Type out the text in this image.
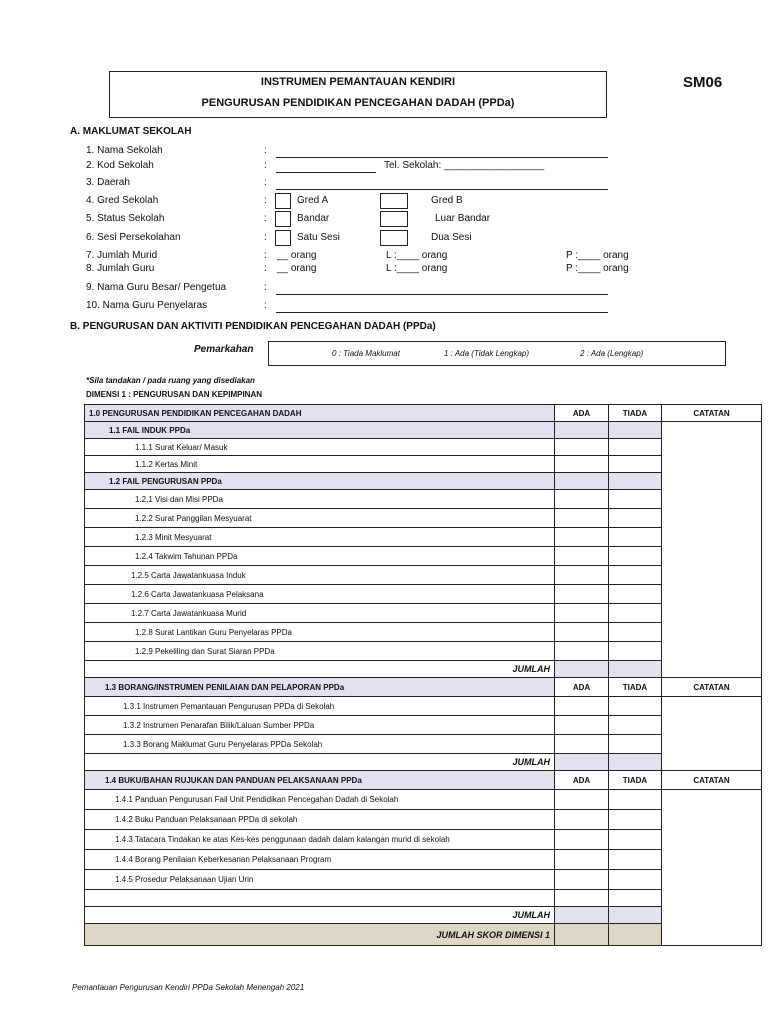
INSTRUMEN PEMANTAUAN KENDIRI
PENGURUSAN PENDIDIKAN PENCEGAHAN DADAH (PPDa)
SM06
A. MAKLUMAT SEKOLAH
1. Nama Sekolah	:
2. Kod Sekolah	:	Tel. Sekolah: __________________
3. Daerah	:
4. Gred Sekolah	:	Gred A	Gred B
5. Status Sekolah	:	Bandar	Luar Bandar
6. Sesi Persekolahan	:	Satu Sesi	Dua Sesi
7. Jumlah Murid	: __ orang	L :____ orang	P :____ orang
8. Jumlah Guru	: __ orang	L :____ orang	P :____ orang
9. Nama Guru Besar/ Pengetua	:
10. Nama Guru Penyelaras	:
B. PENGURUSAN DAN AKTIVITI PENDIDIKAN PENCEGAHAN DADAH (PPDa)
Pemarkahan	0 : Tiada Maklumat	1 : Ada (Tidak Lengkap)	2 : Ada (Lengkap)
*Sila tandakan / pada ruang yang disediakan
DIMENSI 1 : PENGURUSAN DAN KEPIMPINAN
1.0 PENGURUSAN PENDIDIKAN PENCEGAHAN DADAH	ADA	TIADA	CATATAN
1.1 FAIL INDUK PPDa			
1.1.1 Surat Keluar/ Masuk			
1.1.2 Kertas Minit			
1.2 FAIL PENGURUSAN PPDa			
1.2.1 Visi dan Misi PPDa			
1.2.2 Surat Panggilan Mesyuarat			
1.2.3 Minit Mesyuarat			
1.2.4 Takwim Tahunan PPDa			
1.2.5 Carta Jawatankuasa Induk			
1.2.6 Carta Jawatankuasa Pelaksana			
1.2.7 Carta Jawatankuasa Murid			
1.2.8 Surat Lantikan Guru Penyelaras PPDa			
1.2.9 Pekeliling dan Surat Siaran PPDa			
JUMLAH			
1.3 BORANG/INSTRUMEN PENILAIAN DAN PELAPORAN PPDa	ADA	TIADA	CATATAN
1.3.1 Instrumen Pemantauan Pengurusan PPDa di Sekolah			
1.3.2 Instrumen Penarafan Bilik/Laluan Sumber PPDa			
1.3.3 Borang Maklumat Guru Penyelaras PPDa Sekolah			
JUMLAH			
1.4 BUKU/BAHAN RUJUKAN DAN PANDUAN PELAKSANAAN PPDa	ADA	TIADA	CATATAN
1.4.1 Panduan Pengurusan Fail Unit Pendidikan Pencegahan Dadah di Sekolah			
1.4.2 Buku Panduan Pelaksanaan PPDa di sekolah			
1.4.3 Tatacara Tindakan ke atas Kes-kes penggunaan dadah dalam kalangan murid di sekolah			
1.4.4 Borang Penilaian Keberkesanan Pelaksanaan Program			
1.4.5 Prosedur Pelaksanaan Ujian Urin			

JUMLAH			
JUMLAH SKOR DIMENSI 1			
Pemantauan Pengurusan Kendiri PPDa Sekolah Menengah 2021
